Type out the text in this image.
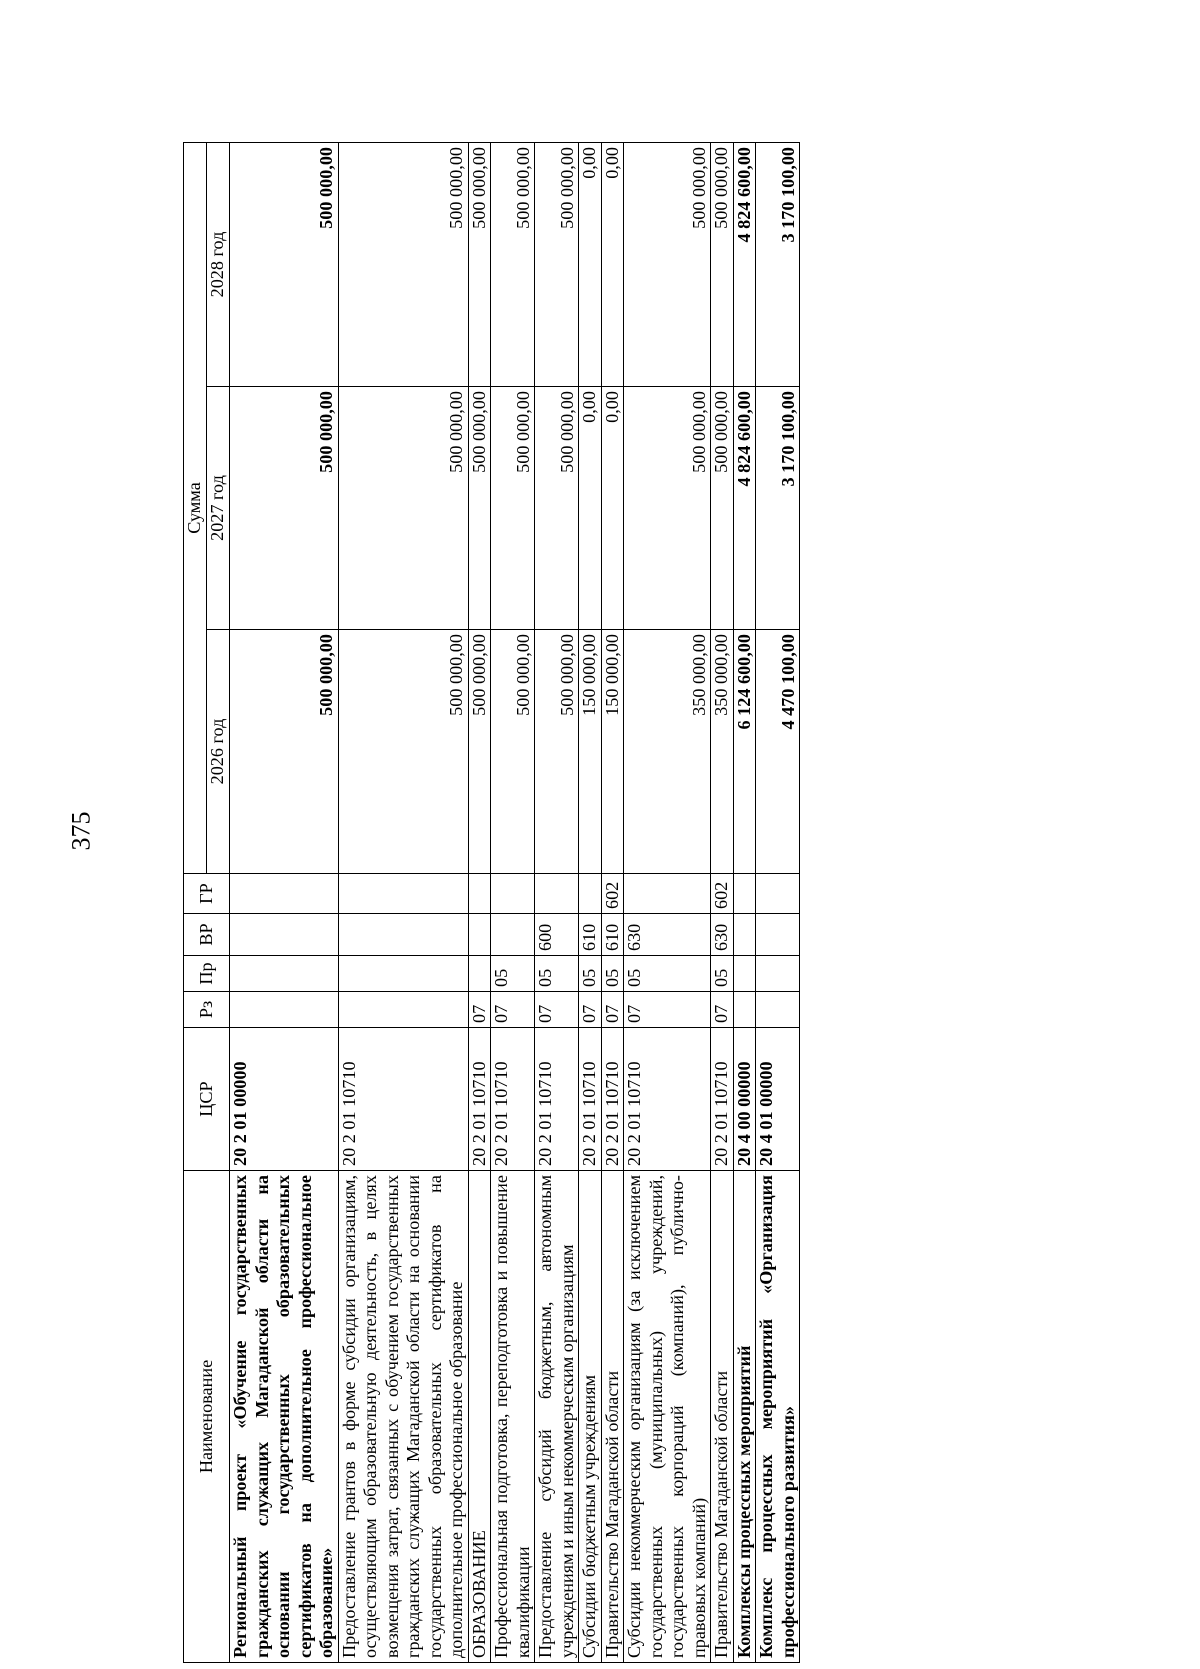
375
Наименование	ЦСР	Рз	Пр	ВР	ГР	Сумма		
						2026 год	2027 год	2028 год
Региональный проект «Обучение государственных гражданских служащих Магаданской области на основании государственных образовательных сертификатов на дополнительное профессиональное образование»	20 2 01 00000					500 000,00	500 000,00	500 000,00
Предоставление грантов в форме субсидии организациям, осуществляющим образовательную деятельность, в целях возмещения затрат, связанных с обучением государственных гражданских служащих Магаданской области на основании государственных образовательных сертификатов на дополнительное профессиональное образование	20 2 01 10710					500 000,00	500 000,00	500 000,00
ОБРАЗОВАНИЕ	20 2 01 10710	07				500 000,00	500 000,00	500 000,00
Профессиональная подготовка, переподготовка и повышение квалификации	20 2 01 10710	07	05			500 000,00	500 000,00	500 000,00
Предоставление субсидий бюджетным, автономным учреждениям и иным некоммерческим организациям	20 2 01 10710	07	05	600		500 000,00	500 000,00	500 000,00
Субсидии бюджетным учреждениям	20 2 01 10710	07	05	610		150 000,00	0,00	0,00
Правительство Магаданской области	20 2 01 10710	07	05	610	602	150 000,00	0,00	0,00
Субсидии некоммерческим организациям (за исключением государственных (муниципальных) учреждений, государственных корпораций (компаний), публично-правовых компаний)	20 2 01 10710	07	05	630		350 000,00	500 000,00	500 000,00
Правительство Магаданской области	20 2 01 10710	07	05	630	602	350 000,00	500 000,00	500 000,00
Комплексы процессных мероприятий	20 4 00 00000					6 124 600,00	4 824 600,00	4 824 600,00
Комплекс процессных мероприятий «Организация профессионального развития»	20 4 01 00000					4 470 100,00	3 170 100,00	3 170 100,00
